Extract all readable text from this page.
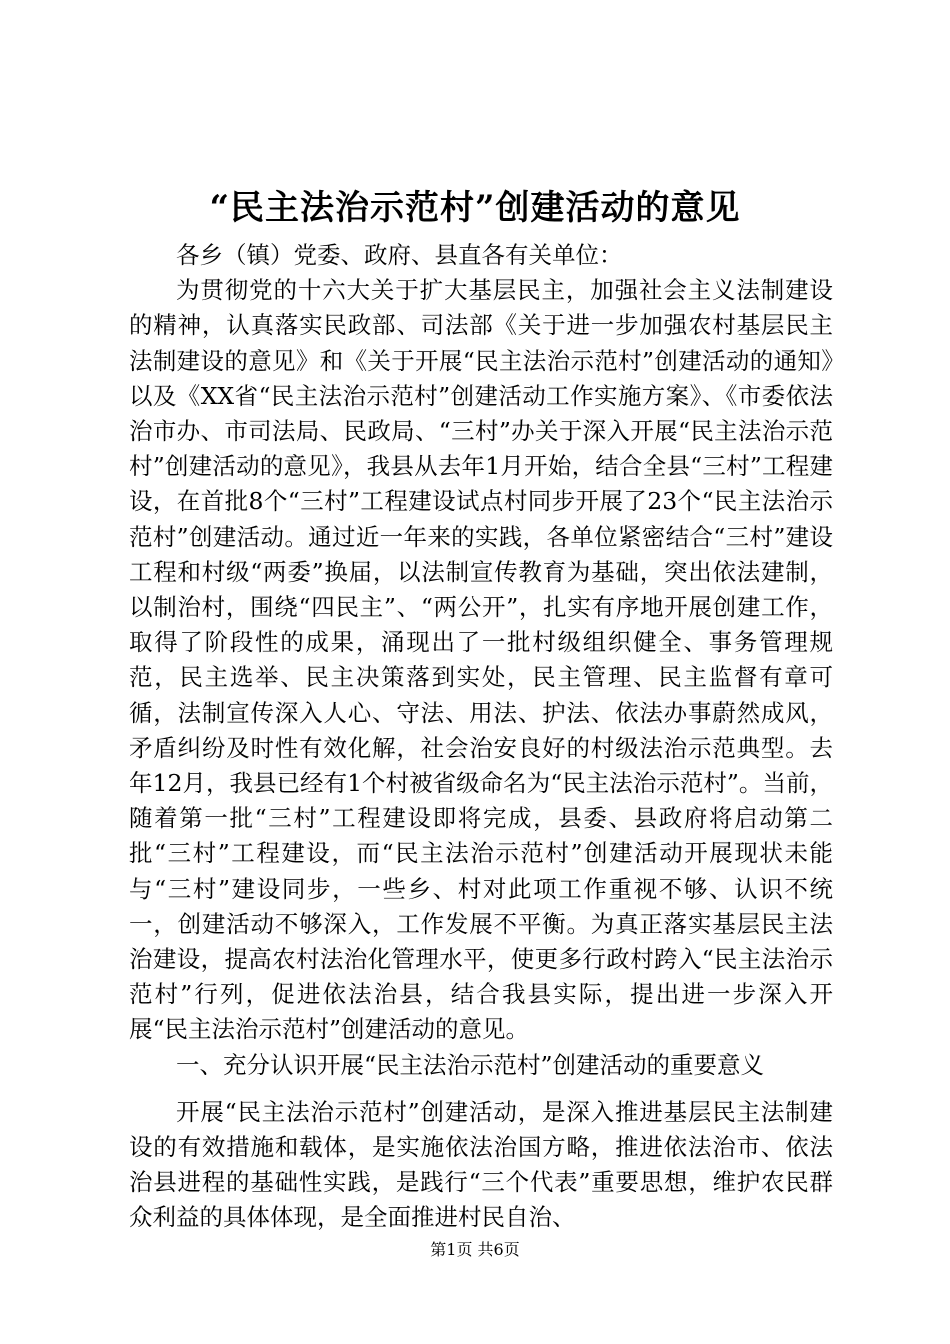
“民主法治示范村”创建活动的意见

各乡（镇）党委、政府、县直各有关单位：

为贯彻党的十六大关于扩大基层民主，加强社会主义法制建设的精神，认真落实民政部、司法部《关于进一步加强农村基层民主法制建设的意见》和《关于开展“民主法治示范村”创建活动的通知》以及《XX省“民主法治示范村”创建活动工作实施方案》、《市委依法治市办、市司法局、民政局、“三村”办关于深入开展“民主法治示范村”创建活动的意见》，我县从去年1月开始，结合全县“三村”工程建设，在首批8个“三村”工程建设试点村同步开展了23个“民主法治示范村”创建活动。通过近一年来的实践，各单位紧密结合“三村”建设工程和村级“两委”换届，以法制宣传教育为基础，突出依法建制，以制治村，围绕“四民主”、“两公开”，扎实有序地开展创建工作，取得了阶段性的成果，涌现出了一批村级组织健全、事务管理规范，民主选举、民主决策落到实处，民主管理、民主监督有章可循，法制宣传深入人心、守法、用法、护法、依法办事蔚然成风，矛盾纠纷及时性有效化解，社会治安良好的村级法治示范典型。去年12月，我县已经有1个村被省级命名为“民主法治示范村”。当前，随着第一批“三村”工程建设即将完成，县委、县政府将启动第二批“三村”工程建设，而“民主法治示范村”创建活动开展现状未能与“三村”建设同步，一些乡、村对此项工作重视不够、认识不统一，创建活动不够深入，工作发展不平衡。为真正落实基层民主法治建设，提高农村法治化管理水平，使更多行政村跨入“民主法治示范村”行列，促进依法治县，结合我县实际，提出进一步深入开展“民主法治示范村”创建活动的意见。

一、充分认识开展“民主法治示范村”创建活动的重要意义

开展“民主法治示范村”创建活动，是深入推进基层民主法制建设的有效措施和载体，是实施依法治国方略，推进依法治市、依法治县进程的基础性实践，是践行“三个代表”重要思想，维护农民群众利益的具体体现，是全面推进村民自治、

第1页 共6页
